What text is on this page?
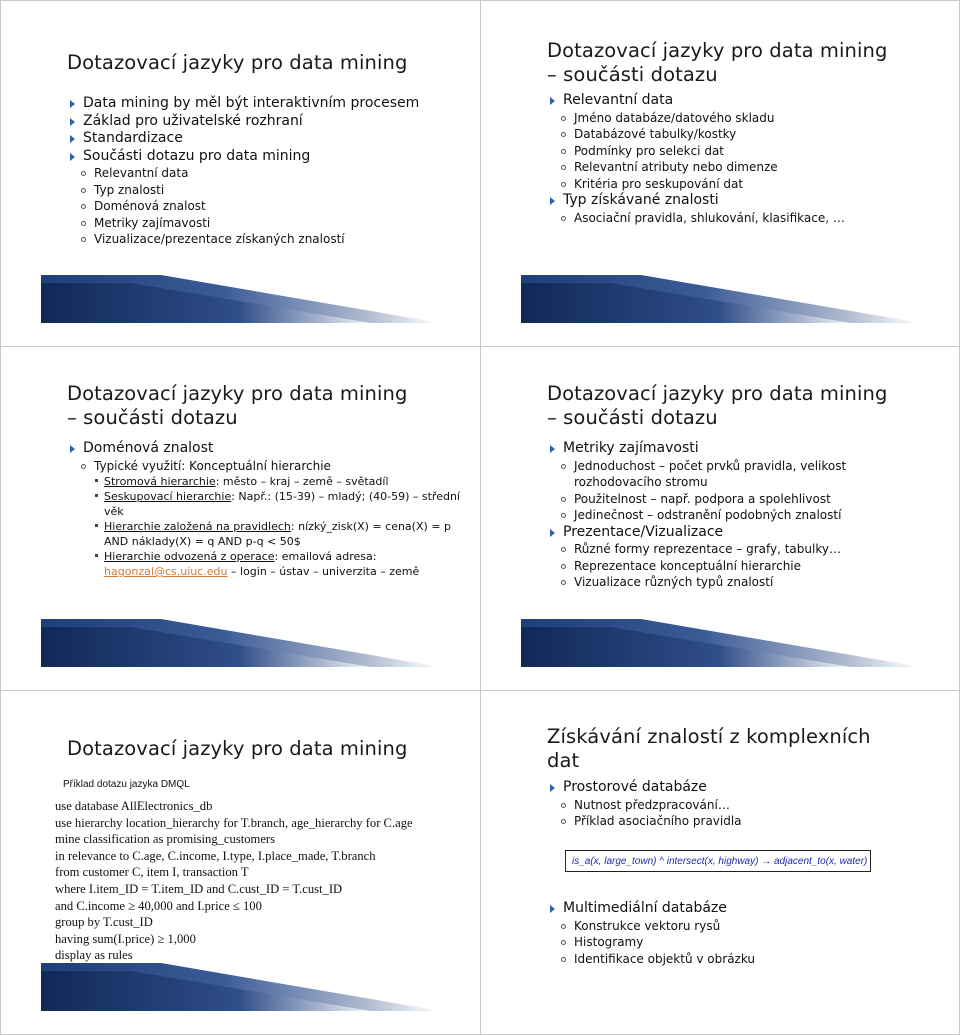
Dotazovací jazyky pro data mining
Data mining by měl být interaktivním procesem
Základ pro uživatelské rozhraní
Standardizace
Součásti dotazu pro data mining
Relevantní data
Typ znalosti
Doménová znalost
Metriky zajímavosti
Vizualizace/prezentace získaných znalostí
Dotazovací jazyky pro data mining
– součásti dotazu
Relevantní data
Jméno databáze/datového skladu
Databázové tabulky/kostky
Podmínky pro selekci dat
Relevantní atributy nebo dimenze
Kritéria pro seskupování dat
Typ získávané znalosti
Asociační pravidla, shlukování, klasifikace, …
Dotazovací jazyky pro data mining
– součásti dotazu
Doménová znalost
Typické využití: Konceptuální hierarchie
Stromová hierarchie: město – kraj – země – světadíl
Seskupovací hierarchie: Např.: (15-39) – mladý; (40-59) – střední věk
Hierarchie založená na pravidlech: nízký_zisk(X) = cena(X) = p AND náklady(X) = q AND p-q < 50$
Hierarchie odvozená z operace: emailová adresa: hagonzal@cs.uiuc.edu – login – ústav – univerzita – země
Dotazovací jazyky pro data mining
– součásti dotazu
Metriky zajímavosti
Jednoduchost – počet prvků pravidla, velikost rozhodovacího stromu
Použitelnost – např. podpora a spolehlivost
Jedinečnost – odstranění podobných znalostí
Prezentace/Vizualizace
Různé formy reprezentace – grafy, tabulky…
Reprezentace konceptuální hierarchie
Vizualizace různých typů znalostí
Dotazovací jazyky pro data mining
Příklad dotazu jazyka DMQL
use database AllElectronics_db
use hierarchy location_hierarchy for T.branch, age_hierarchy for C.age
mine classification as promising_customers
in relevance to C.age, C.income, I.type, I.place_made, T.branch
from customer C, item I, transaction T
where I.item_ID = T.item_ID and C.cust_ID = T.cust_ID
and C.income ≥ 40,000 and I.price ≤ 100
group by T.cust_ID
having sum(I.price) ≥ 1,000
display as rules
Získávání znalostí z komplexních
dat
Prostorové databáze
Nutnost předzpracování…
Příklad asociačního pravidla
is_a(x, large_town) ^ intersect(x, highway) → adjacent_to(x, water)
Multimediální databáze
Konstrukce vektoru rysů
Histogramy
Identifikace objektů v obrázku
